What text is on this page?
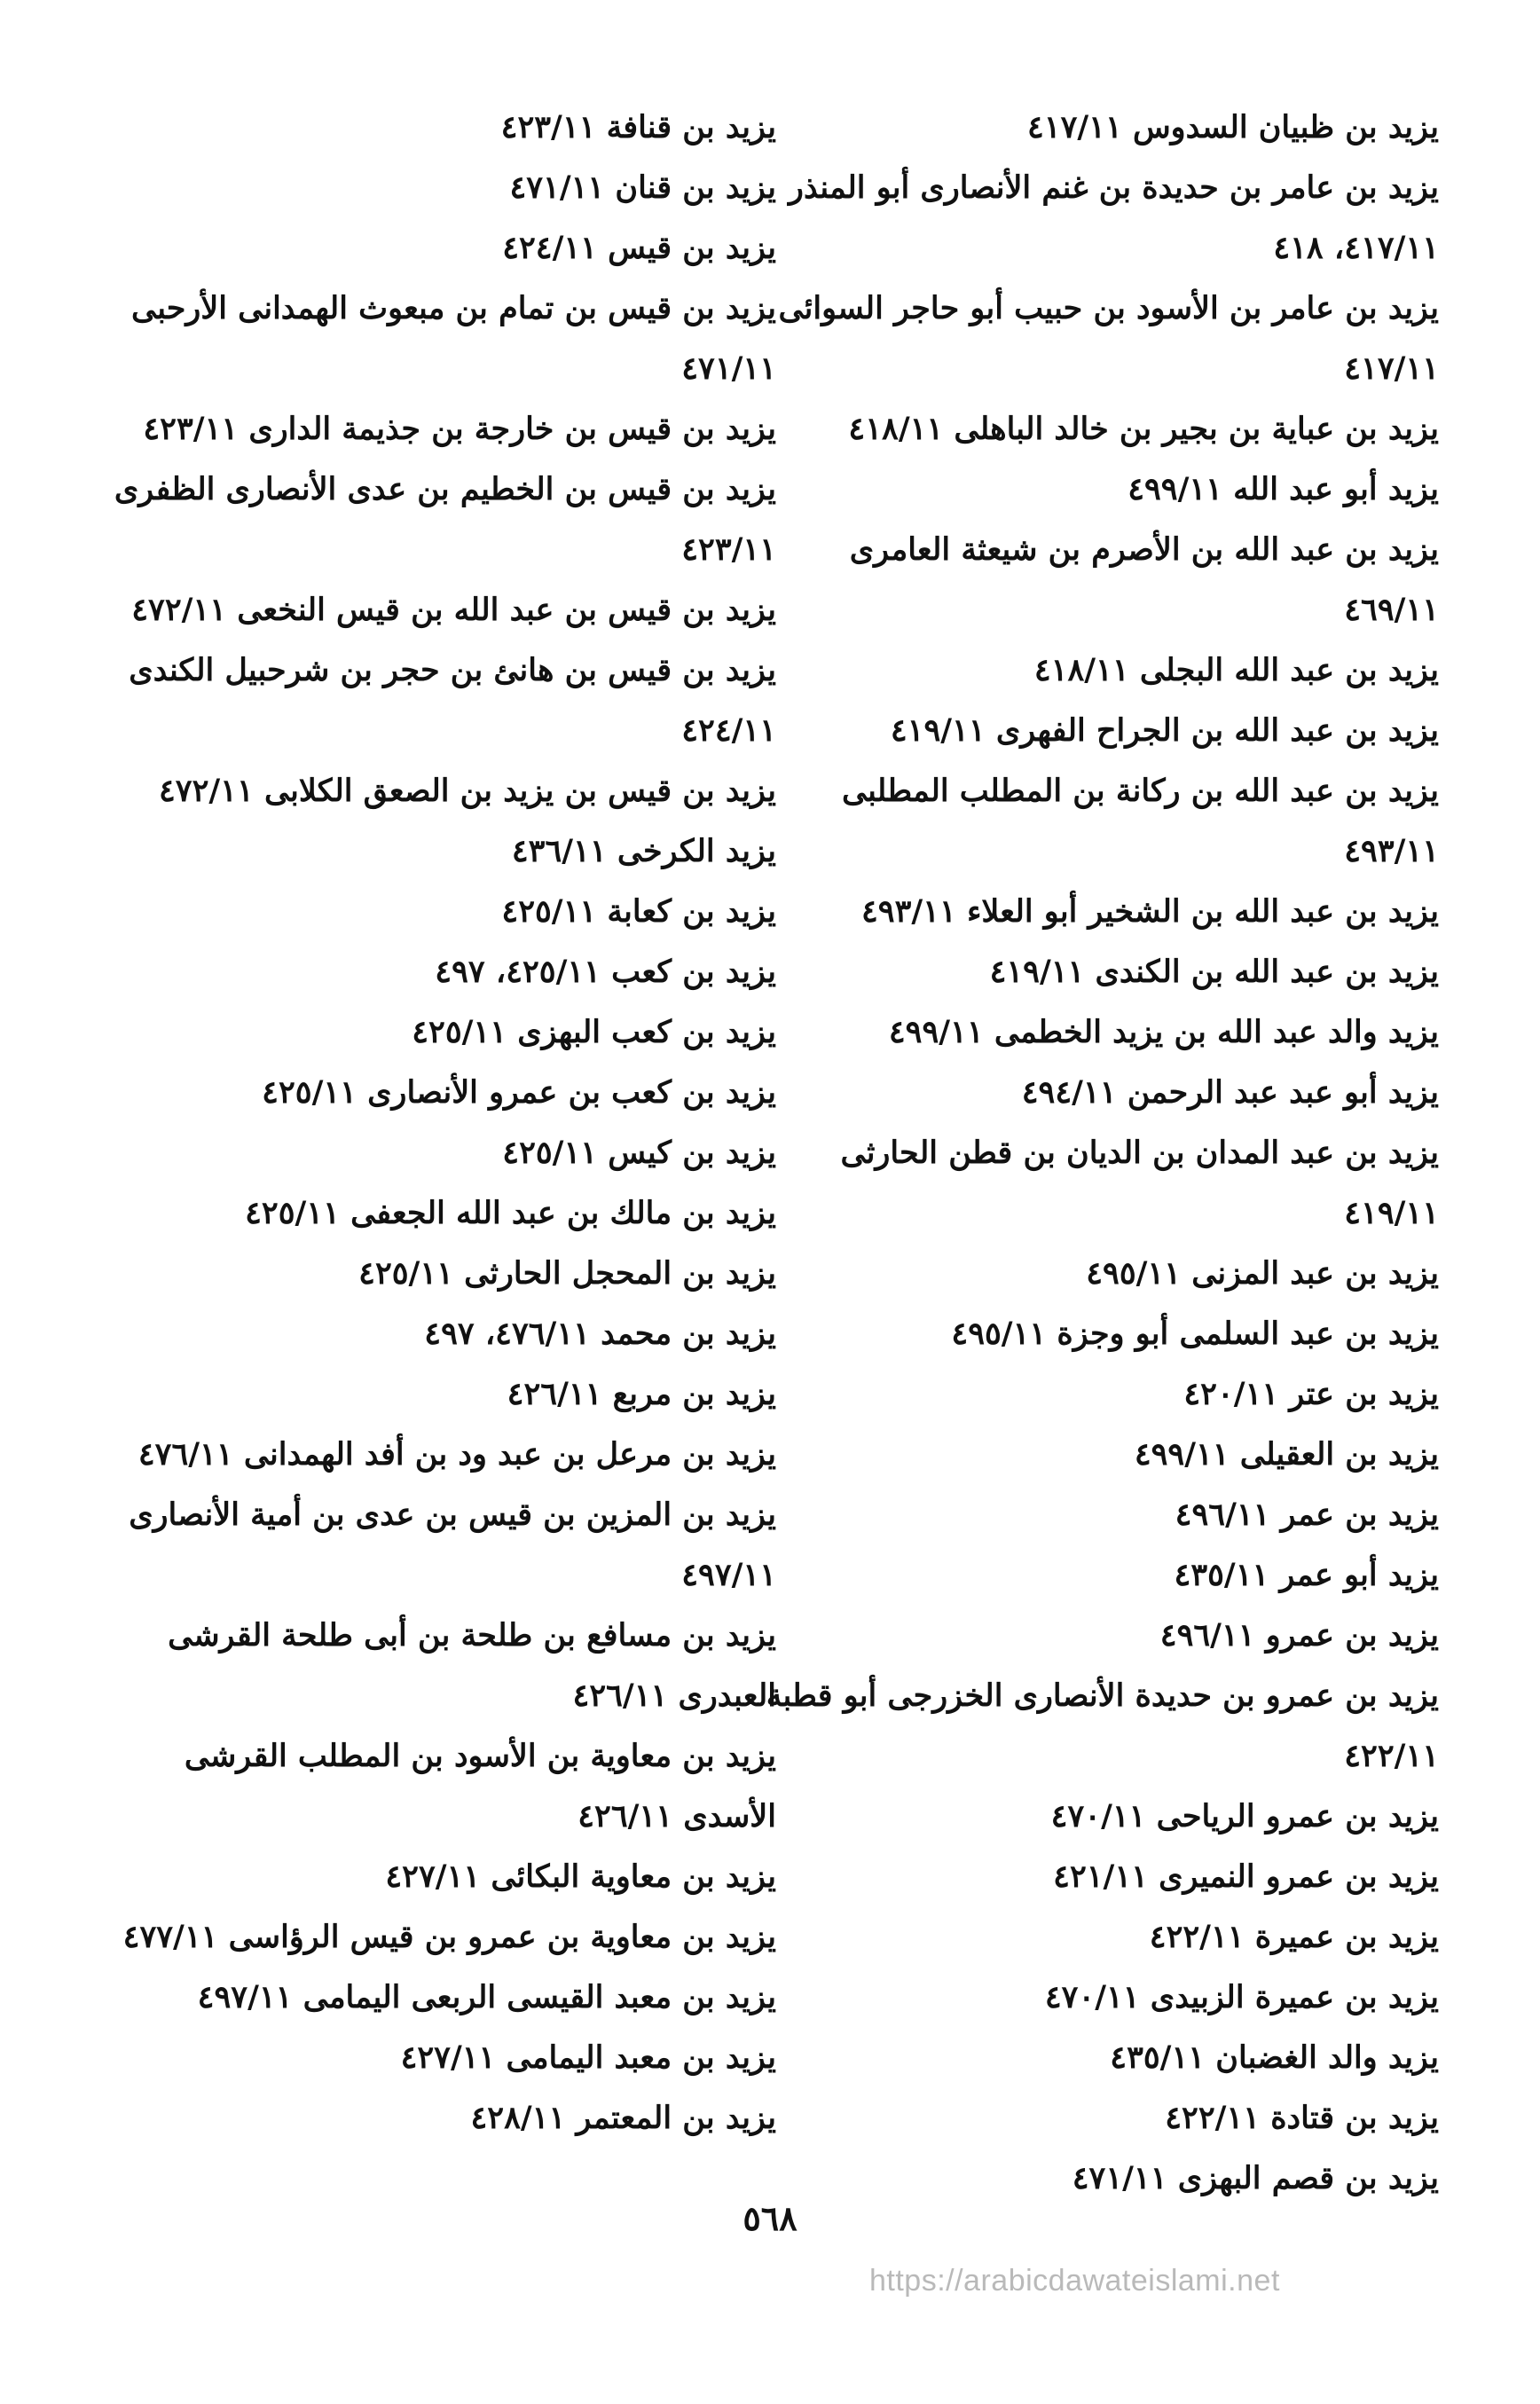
يزيد بن ظبيان السدوس ٤١٧/١١
يزيد بن عامر بن حديدة بن غنم الأنصارى أبو المنذر ٤١٧/١١، ٤١٨
يزيد بن عامر بن الأسود بن حبيب أبو حاجر السوائى ٤١٧/١١
يزيد بن عباية بن بجير بن خالد الباهلى ٤١٨/١١
يزيد أبو عبد الله ٤٩٩/١١
يزيد بن عبد الله بن الأصرم بن شيعثة العامرى ٤٦٩/١١
يزيد بن عبد الله البجلى ٤١٨/١١
يزيد بن عبد الله بن الجراح الفهرى ٤١٩/١١
يزيد بن عبد الله بن ركانة بن المطلب المطلبى ٤٩٣/١١
يزيد بن عبد الله بن الشخير أبو العلاء ٤٩٣/١١
يزيد بن عبد الله بن الكندى ٤١٩/١١
يزيد والد عبد الله بن يزيد الخطمى ٤٩٩/١١
يزيد أبو عبد عبد الرحمن ٤٩٤/١١
يزيد بن عبد المدان بن الديان بن قطن الحارثى ٤١٩/١١
يزيد بن عبد المزنى ٤٩٥/١١
يزيد بن عبد السلمى أبو وجزة ٤٩٥/١١
يزيد بن عتر ٤٢٠/١١
يزيد بن العقيلى ٤٩٩/١١
يزيد بن عمر ٤٩٦/١١
يزيد أبو عمر ٤٣٥/١١
يزيد بن عمرو ٤٩٦/١١
يزيد بن عمرو بن حديدة الأنصارى الخزرجى أبو قطبة ٤٢٢/١١
يزيد بن عمرو الرياحى ٤٧٠/١١
يزيد بن عمرو النميرى ٤٢١/١١
يزيد بن عميرة ٤٢٢/١١
يزيد بن عميرة الزبيدى ٤٧٠/١١
يزيد والد الغضبان ٤٣٥/١١
يزيد بن قتادة ٤٢٢/١١
يزيد بن قصم البهزى ٤٧١/١١
يزيد بن قنافة ٤٢٣/١١
يزيد بن قنان ٤٧١/١١
يزيد بن قيس ٤٢٤/١١
يزيد بن قيس بن تمام بن مبعوث الهمدانى الأرحبى ٤٧١/١١
يزيد بن قيس بن خارجة بن جذيمة الدارى ٤٢٣/١١
يزيد بن قيس بن الخطيم بن عدى الأنصارى الظفرى ٤٢٣/١١
يزيد بن قيس بن عبد الله بن قيس النخعى ٤٧٢/١١
يزيد بن قيس بن هانئ بن حجر بن شرحبيل الكندى ٤٢٤/١١
يزيد بن قيس بن يزيد بن الصعق الكلابى ٤٧٢/١١
يزيد الكرخى ٤٣٦/١١
يزيد بن كعابة ٤٢٥/١١
يزيد بن كعب ٤٢٥/١١، ٤٩٧
يزيد بن كعب البهزى ٤٢٥/١١
يزيد بن كعب بن عمرو الأنصارى ٤٢٥/١١
يزيد بن كيس ٤٢٥/١١
يزيد بن مالك بن عبد الله الجعفى ٤٢٥/١١
يزيد بن المحجل الحارثى ٤٢٥/١١
يزيد بن محمد ٤٧٦/١١، ٤٩٧
يزيد بن مربع ٤٢٦/١١
يزيد بن مرعل بن عبد ود بن أفد الهمدانى ٤٧٦/١١
يزيد بن المزين بن قيس بن عدى بن أمية الأنصارى ٤٩٧/١١
يزيد بن مسافع بن طلحة بن أبى طلحة القرشى العبدرى ٤٢٦/١١
يزيد بن معاوية بن الأسود بن المطلب القرشى الأسدى ٤٢٦/١١
يزيد بن معاوية البكائى ٤٢٧/١١
يزيد بن معاوية بن عمرو بن قيس الرؤاسى ٤٧٧/١١
يزيد بن معبد القيسى الربعى اليمامى ٤٩٧/١١
يزيد بن معبد اليمامى ٤٢٧/١١
يزيد بن المعتمر ٤٢٨/١١
٥٦٨
https://arabicdawateislami.net
